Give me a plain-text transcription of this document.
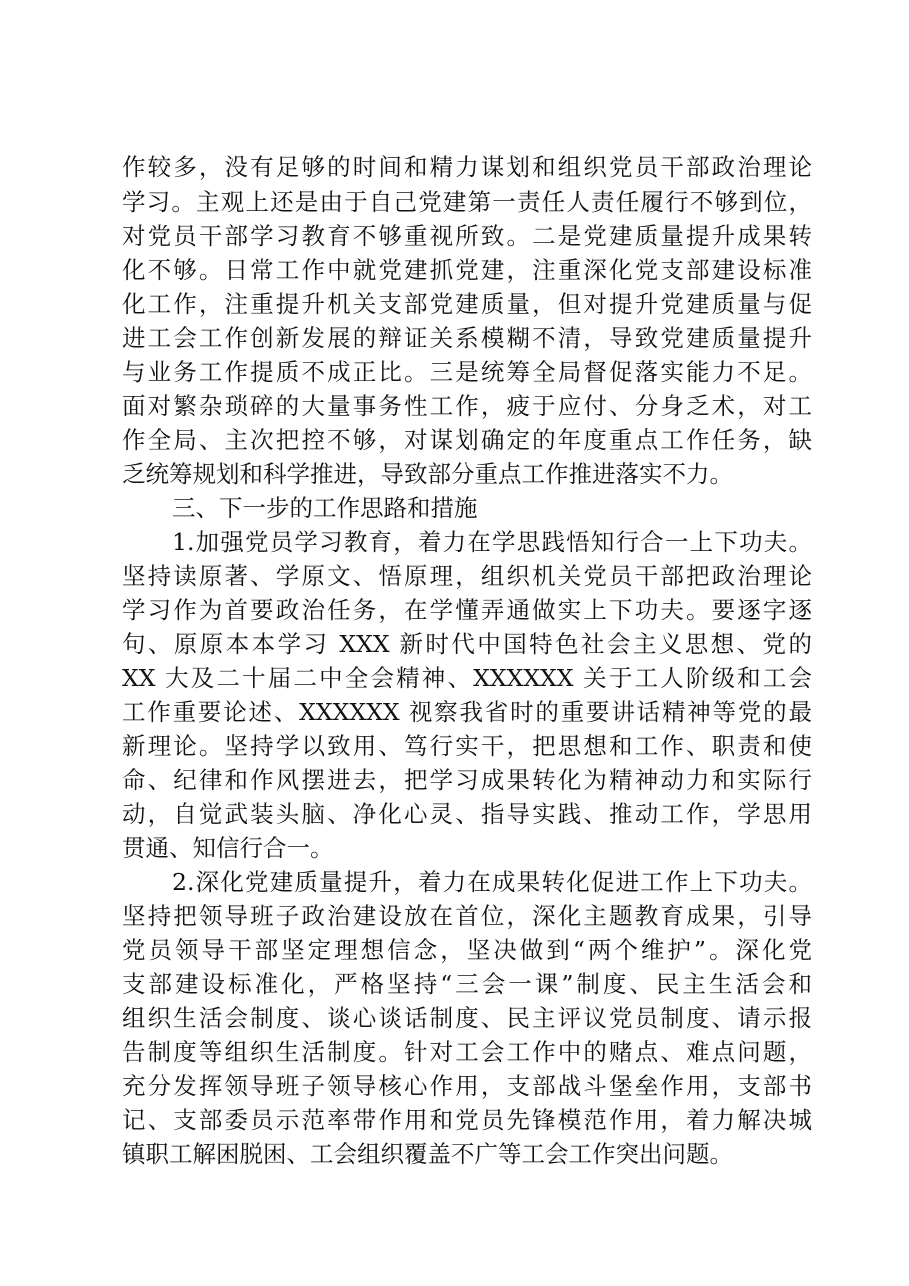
作较多，没有足够的时间和精力谋划和组织党员干部政治理论
学习。主观上还是由于自己党建第一责任人责任履行不够到位，
对党员干部学习教育不够重视所致。二是党建质量提升成果转
化不够。日常工作中就党建抓党建，注重深化党支部建设标准
化工作，注重提升机关支部党建质量，但对提升党建质量与促
进工会工作创新发展的辩证关系模糊不清，导致党建质量提升
与业务工作提质不成正比。三是统筹全局督促落实能力不足。
面对繁杂琐碎的大量事务性工作，疲于应付、分身乏术，对工
作全局、主次把控不够，对谋划确定的年度重点工作任务，缺
乏统筹规划和科学推进，导致部分重点工作推进落实不力。
三、下一步的工作思路和措施
1.加强党员学习教育，着力在学思践悟知行合一上下功夫。
坚持读原著、学原文、悟原理，组织机关党员干部把政治理论
学习作为首要政治任务，在学懂弄通做实上下功夫。要逐字逐
句、原原本本学习 XXX 新时代中国特色社会主义思想、党的
XX 大及二十届二中全会精神、XXXXXX 关于工人阶级和工会
工作重要论述、XXXXXX 视察我省时的重要讲话精神等党的最
新理论。坚持学以致用、笃行实干，把思想和工作、职责和使
命、纪律和作风摆进去，把学习成果转化为精神动力和实际行
动，自觉武装头脑、净化心灵、指导实践、推动工作，学思用
贯通、知信行合一。
2.深化党建质量提升，着力在成果转化促进工作上下功夫。
坚持把领导班子政治建设放在首位，深化主题教育成果，引导
党员领导干部坚定理想信念，坚决做到“两个维护”。深化党
支部建设标准化，严格坚持“三会一课”制度、民主生活会和
组织生活会制度、谈心谈话制度、民主评议党员制度、请示报
告制度等组织生活制度。针对工会工作中的赌点、难点问题，
充分发挥领导班子领导核心作用，支部战斗堡垒作用，支部书
记、支部委员示范率带作用和党员先锋模范作用，着力解决城
镇职工解困脱困、工会组织覆盖不广等工会工作突出问题。
